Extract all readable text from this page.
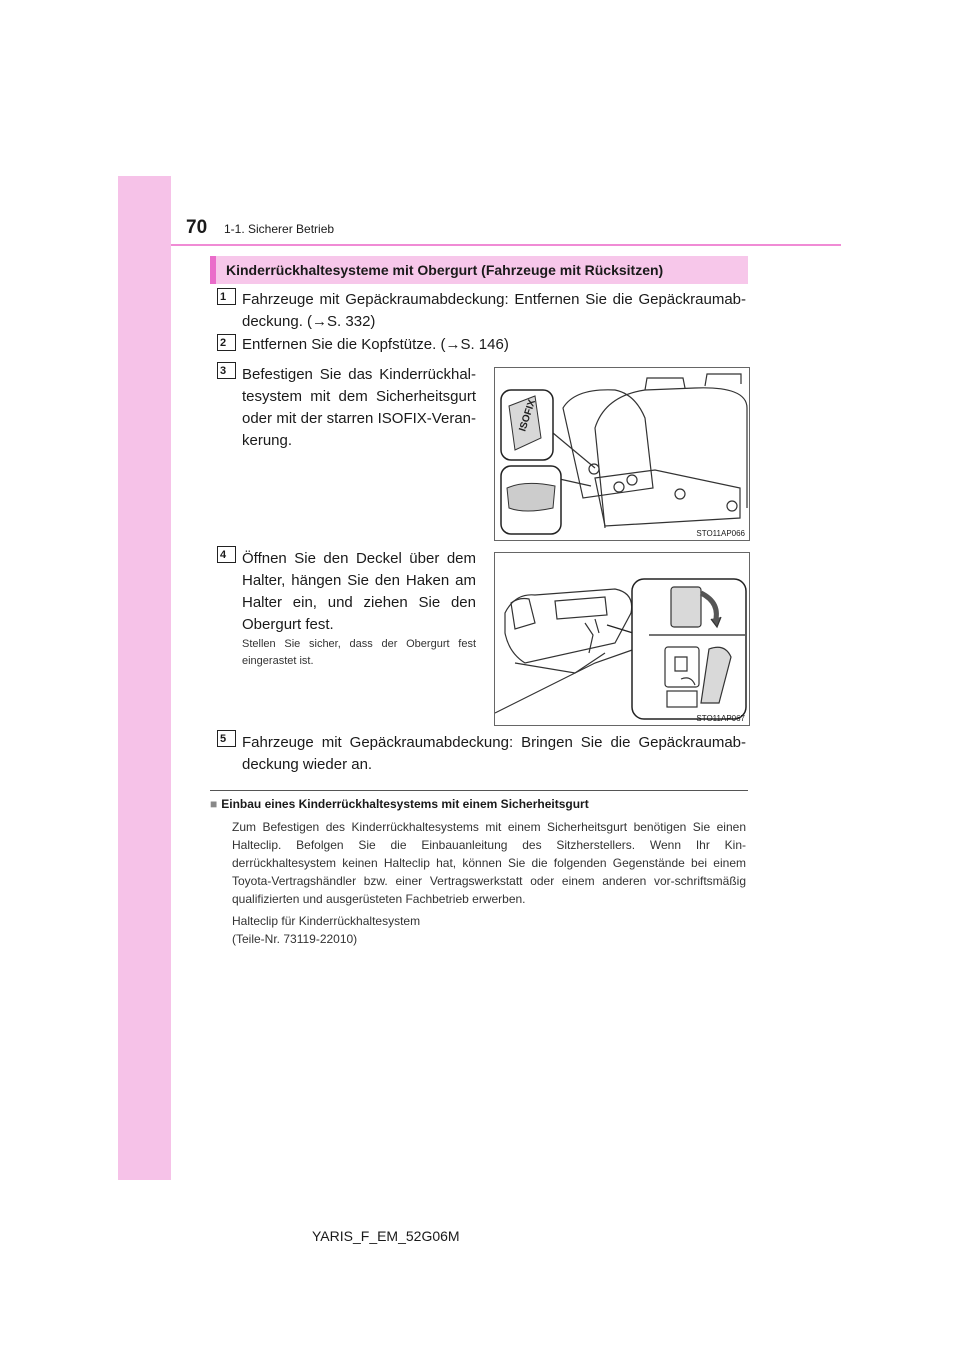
70 1-1. Sicherer Betrieb
Kinderrückhaltesysteme mit Obergurt (Fahrzeuge mit Rücksitzen)
1	Fahrzeuge mit Gepäckraumabdeckung: Entfernen Sie die Gepäckraumab-deckung. (→S. 332)
2	Entfernen Sie die Kopfstütze. (→S. 146)
3	Befestigen Sie das Kinderrückhal-tesystem mit dem Sicherheitsgurt oder mit der starren ISOFIX-Veran-kerung.
ISOFIX
STO11AP066
4	Öffnen Sie den Deckel über dem Halter, hängen Sie den Haken am Halter ein, und ziehen Sie den Obergurt fest.
Stellen Sie sicher, dass der Obergurt fest eingerastet ist.
STO11AP067
5	Fahrzeuge mit Gepäckraumabdeckung: Bringen Sie die Gepäckraumab-deckung wieder an.
■ Einbau eines Kinderrückhaltesystems mit einem Sicherheitsgurt
Zum Befestigen des Kinderrückhaltesystems mit einem Sicherheitsgurt benötigen Sie einen Halteclip. Befolgen Sie die Einbauanleitung des Sitzherstellers. Wenn Ihr Kin-derrückhaltesystem keinen Halteclip hat, können Sie die folgenden Gegenstände bei einem Toyota-Vertragshändler bzw. einer Vertragswerkstatt oder einem anderen vor-schriftsmäßig qualifizierten und ausgerüsteten Fachbetrieb erwerben.
Halteclip für Kinderrückhaltesystem
(Teile-Nr. 73119-22010)
YARIS_F_EM_52G06M
